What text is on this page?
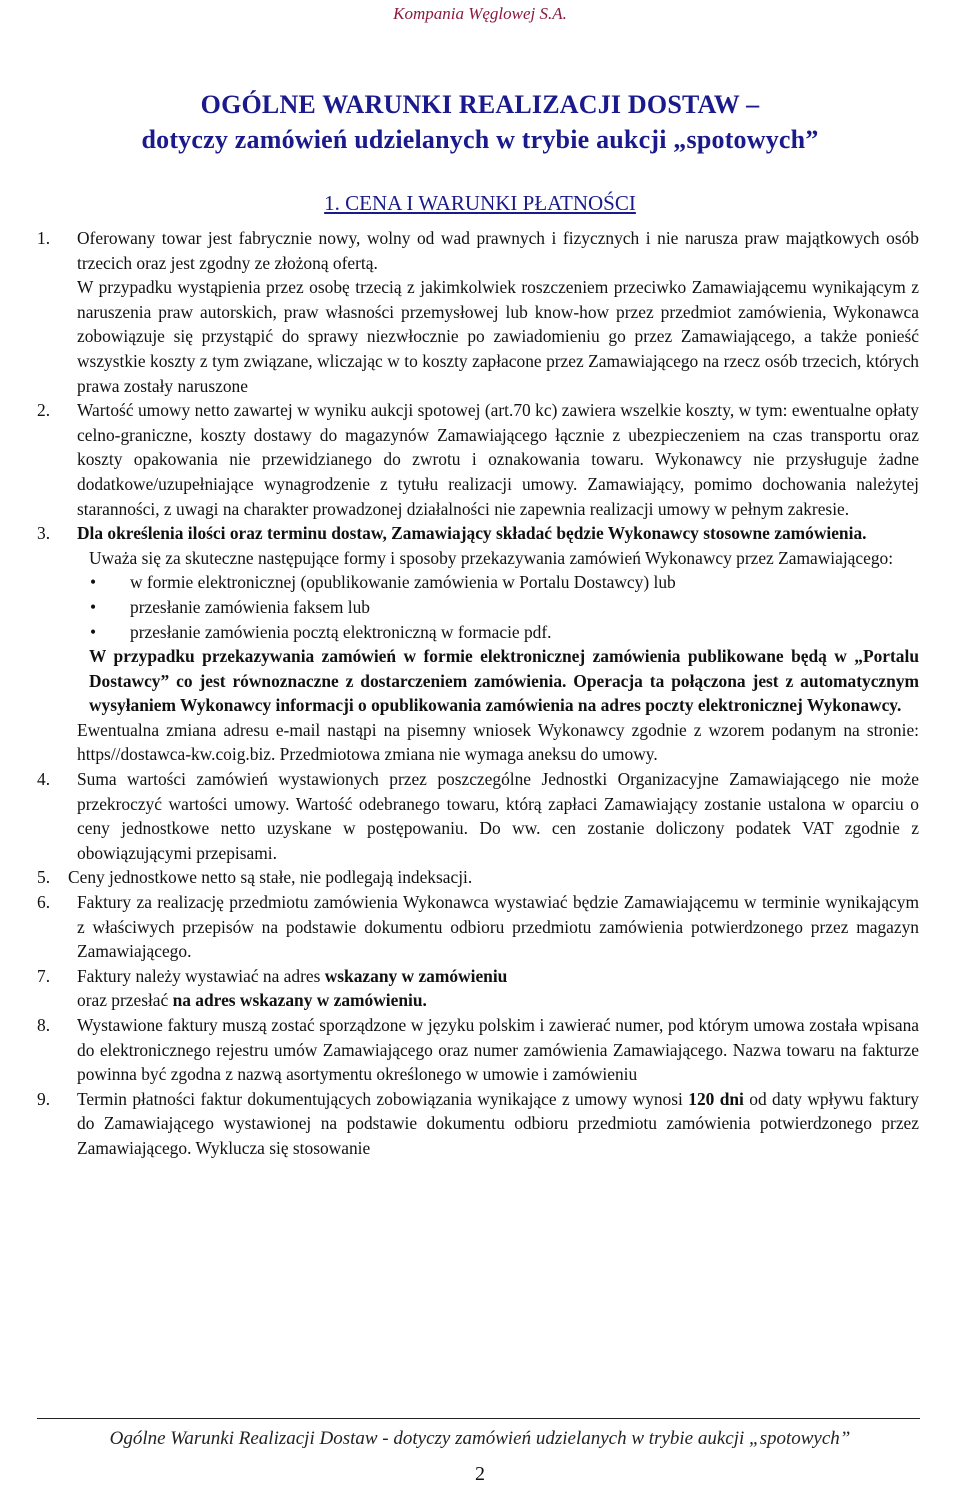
Kompania Węglowej S.A.
OGÓLNE WARUNKI REALIZACJI DOSTAW –
dotyczy zamówień udzielanych w trybie aukcji „spotowych”
1. CENA I WARUNKI PŁATNOŚCI
1. Oferowany towar jest fabrycznie nowy, wolny od wad prawnych i fizycznych i nie narusza praw majątkowych osób trzecich oraz jest zgodny ze złożoną ofertą.
W przypadku wystąpienia przez osobę trzecią z jakimkolwiek roszczeniem przeciwko Zamawiającemu wynikającym z naruszenia praw autorskich, praw własności przemysłowej lub know-how przez przedmiot zamówienia, Wykonawca zobowiązuje się przystąpić do sprawy niezwłocznie po zawiadomieniu go przez Zamawiającego, a także ponieść wszystkie koszty z tym związane, wliczając w to koszty zapłacone przez Zamawiającego na rzecz osób trzecich, których prawa zostały naruszone
2. Wartość umowy netto zawartej w wyniku aukcji spotowej (art.70 kc) zawiera wszelkie koszty, w tym: ewentualne opłaty celno-graniczne, koszty dostawy do magazynów Zamawiającego łącznie z ubezpieczeniem na czas transportu oraz koszty opakowania nie przewidzianego do zwrotu i oznakowania towaru. Wykonawcy nie przysługuje żadne dodatkowe/uzupełniające wynagrodzenie z tytułu realizacji umowy. Zamawiający, pomimo dochowania należytej staranności, z uwagi na charakter prowadzonej działalności nie zapewnia realizacji umowy w pełnym zakresie.
3. Dla określenia ilości oraz terminu dostaw, Zamawiający składać będzie Wykonawcy stosowne zamówienia.
Uważa się za skuteczne następujące formy i sposoby przekazywania zamówień Wykonawcy przez Zamawiającego:
• w formie elektronicznej (opublikowanie zamówienia w Portalu Dostawcy) lub
• przesłanie zamówienia faksem lub
• przesłanie zamówienia pocztą elektroniczną w formacie pdf.
W przypadku przekazywania zamówień w formie elektronicznej zamówienia publikowane będą w „Portalu Dostawcy” co jest równoznaczne z dostarczeniem zamówienia. Operacja ta połączona jest z automatycznym wysyłaniem Wykonawcy informacji o opublikowania zamówienia na adres poczty elektronicznej Wykonawcy.
Ewentualna zmiana adresu e-mail nastąpi na pisemny wniosek Wykonawcy zgodnie z wzorem podanym na stronie: https//dostawca-kw.coig.biz. Przedmiotowa zmiana nie wymaga aneksu do umowy.
4. Suma wartości zamówień wystawionych przez poszczególne Jednostki Organizacyjne Zamawiającego nie może przekroczyć wartości umowy. Wartość odebranego towaru, którą zapłaci Zamawiający zostanie ustalona w oparciu o ceny jednostkowe netto uzyskane w postępowaniu. Do ww. cen zostanie doliczony podatek VAT zgodnie z obowiązującymi przepisami.
5. Ceny jednostkowe netto są stałe, nie podlegają indeksacji.
6. Faktury za realizację przedmiotu zamówienia Wykonawca wystawiać będzie Zamawiającemu w terminie wynikającym z właściwych przepisów na podstawie dokumentu odbioru przedmiotu zamówienia potwierdzonego przez magazyn Zamawiającego.
7. Faktury należy wystawiać na adres wskazany w zamówieniu
oraz przesłać na adres wskazany w zamówieniu.
8. Wystawione faktury muszą zostać sporządzone w języku polskim i zawierać numer, pod którym umowa została wpisana do elektronicznego rejestru umów Zamawiającego oraz numer zamówienia Zamawiającego. Nazwa towaru na fakturze powinna być zgodna z nazwą asortymentu określonego w umowie i zamówieniu
9. Termin płatności faktur dokumentujących zobowiązania wynikające z umowy wynosi 120 dni od daty wpływu faktury do Zamawiającego wystawionej na podstawie dokumentu odbioru przedmiotu zamówienia potwierdzonego przez Zamawiającego. Wyklucza się stosowanie
Ogólne Warunki Realizacji Dostaw - dotyczy zamówień udzielanych w trybie aukcji „spotowych”
2
